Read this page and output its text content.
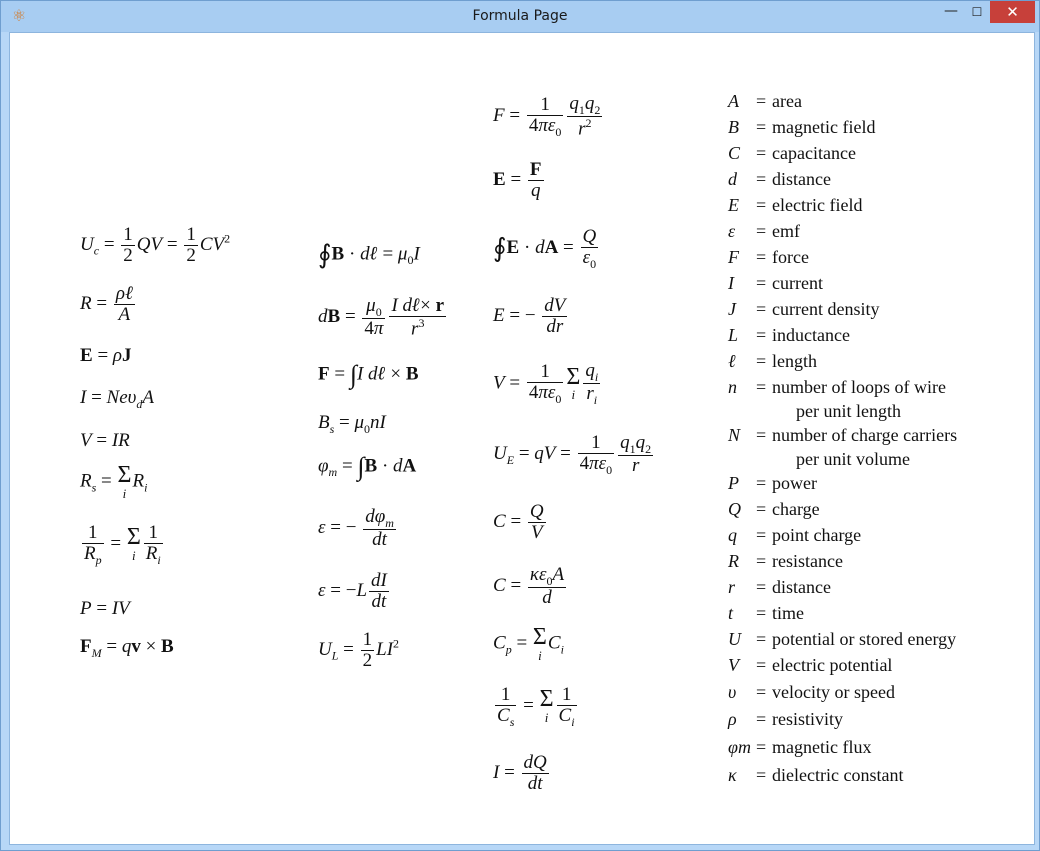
⚛	Formula Page	—	☐	✕
$U_c = \frac{1}{2}$ QV = $\frac{1}{2} CV^2$
$R = \frac{\text{ρℓ}}{A}$
E = ρJ
I = Neυ$_d$A
V = IR
$R_s = \Sigma$
i
$R_i$
$\frac{1}{R_p} = \Sigma$
i $\frac{1}{R_i}$
P = IV
$F_M$ = qv × B
∮B · dℓ = $\mu_0I$
dB = $\frac{\mu_0}{4\pi} \frac{\text{I dℓ× r}}{r^3}$
F = ∫I dℓ × B
$B_s = \mu_0nI$
$\varphi_m = \int B$ · dA
ε = − $\frac{d\varphi_m}{dt}$
$\varepsilon = -L \frac{dI}{dt}$
$U_L = \frac{1}{2} LI^2$
$F = \frac{1}{4\pi\varepsilon_0} \frac{q_1q_2}{r^2}$
$E = \frac{F}{q}$
∮E · dA = $\frac{Q}{\varepsilon_0}$
E = − $\frac{dV}{dr}$
$V = \frac{1}{4\pi\varepsilon_0}$ Σ
i $\frac{q_i}{r_i}$
$U_E$ = qV = $\frac{1}{4\pi\varepsilon_0} \frac{q_1q_2}{r}$
$C = \frac{Q}{V}$
$C = \frac{\kappa\varepsilon_0A}{d}$
$C_p = \Sigma$
i
$C_i$
$\frac{1}{C_s} = \Sigma$
i $\frac{1}{C_i}$
$I = \frac{dQ}{dt}$
A = area
B = magnetic field
C = capacitance
d = distance
E = electric field
ε = emf
F = force
I = current
J = current density
L = inductance
ℓ = length
n = number of loops of wire
per unit length
N = number of charge carriers
per unit volume
P = power
Q = charge
q = point charge
R = resistance
r = distance
t = time
U = potential or stored energy
V = electric potential
υ = velocity or speed
ρ = resistivity
φm = magnetic flux
κ = dielectric constant
